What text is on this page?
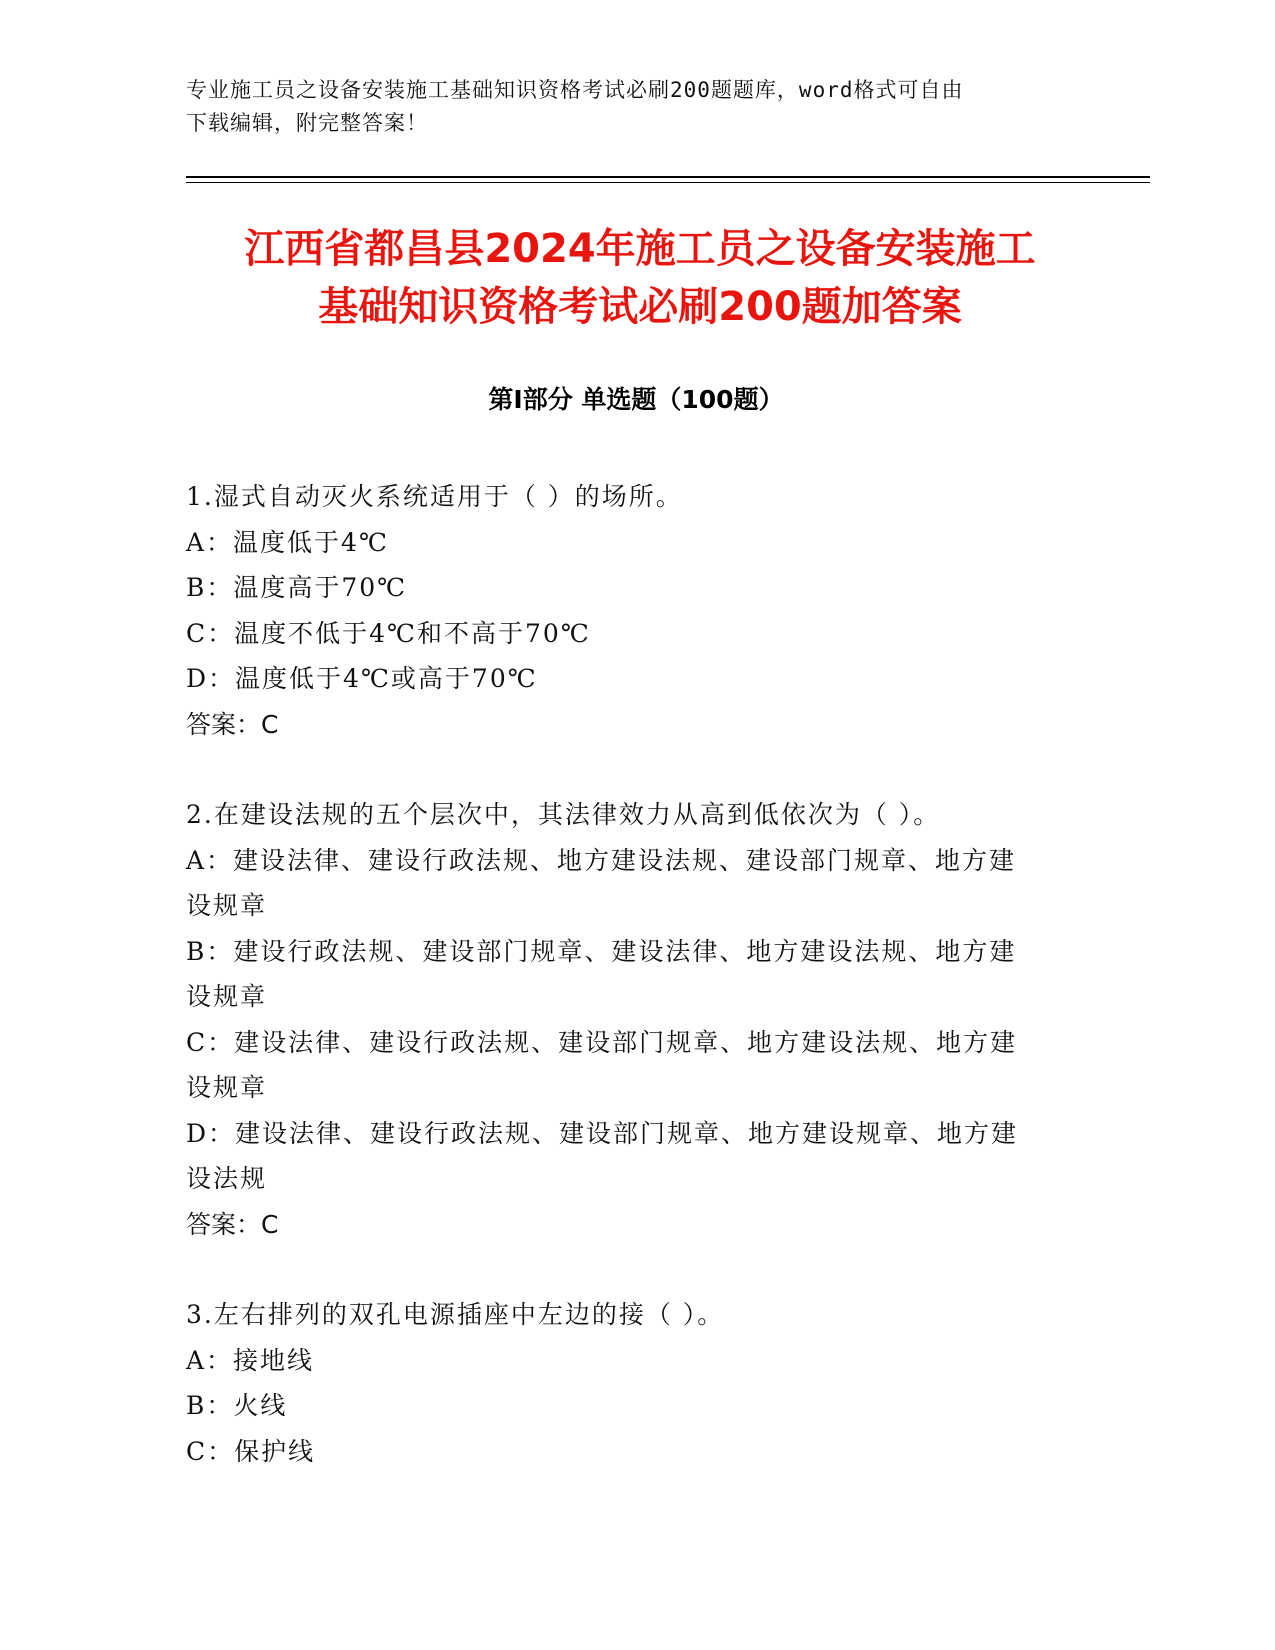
专业施工员之设备安装施工基础知识资格考试必刷200题题库，word格式可自由
下载编辑，附完整答案！
江西省都昌县2024年施工员之设备安装施工
基础知识资格考试必刷200题加答案
第I部分 单选题（100题）
1.湿式自动灭火系统适用于（ ）的场所。
A：温度低于4℃
B：温度高于70℃
C：温度不低于4℃和不高于70℃
D：温度低于4℃或高于70℃
答案：C
2.在建设法规的五个层次中，其法律效力从高到低依次为（ ）。
A：建设法律、建设行政法规、地方建设法规、建设部门规章、地方建
设规章
B：建设行政法规、建设部门规章、建设法律、地方建设法规、地方建
设规章
C：建设法律、建设行政法规、建设部门规章、地方建设法规、地方建
设规章
D：建设法律、建设行政法规、建设部门规章、地方建设规章、地方建
设法规
答案：C
3.左右排列的双孔电源插座中左边的接（ ）。
A：接地线
B：火线
C：保护线
